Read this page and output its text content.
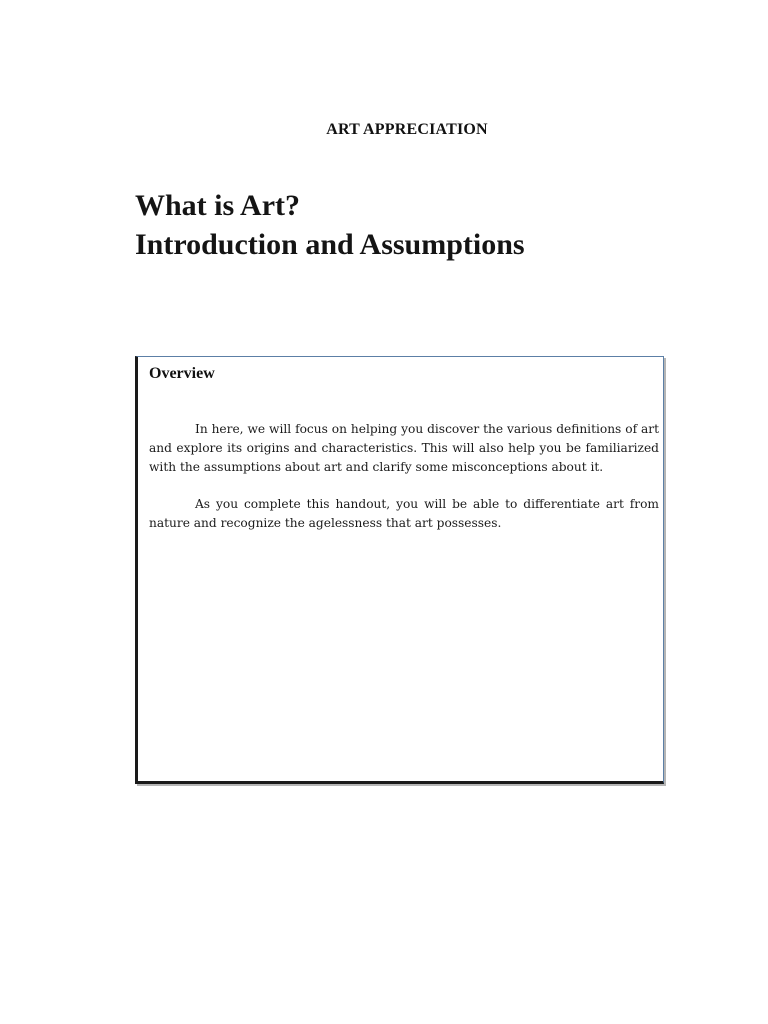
ART APPRECIATION
What is Art?
Introduction and Assumptions
Overview

In here, we will focus on helping you discover the various definitions of art and explore its origins and characteristics. This will also help you be familiarized with the assumptions about art and clarify some misconceptions about it.

As you complete this handout, you will be able to differentiate art from nature and recognize the agelessness that art possesses.
